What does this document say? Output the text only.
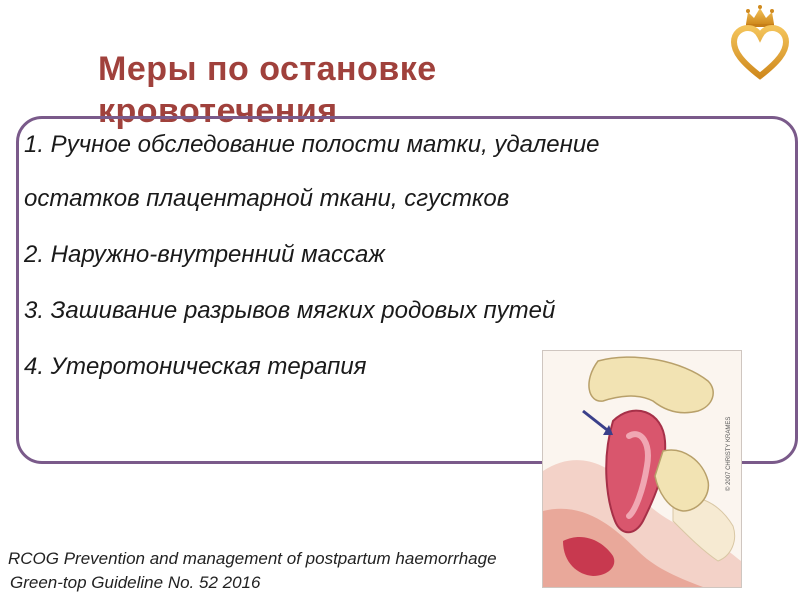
Меры по остановке кровотечения
1. Ручное обследование полости матки, удаление
остатков плацентарной ткани, сгустков
2. Наружно-внутренний массаж
3. Зашивание разрывов мягких родовых путей
4. Утеротоническая терапия
© 2007 CHRISTY KRAMES
RCOG Prevention and management of postpartum haemorrhage
Green-top Guideline No. 52 2016
